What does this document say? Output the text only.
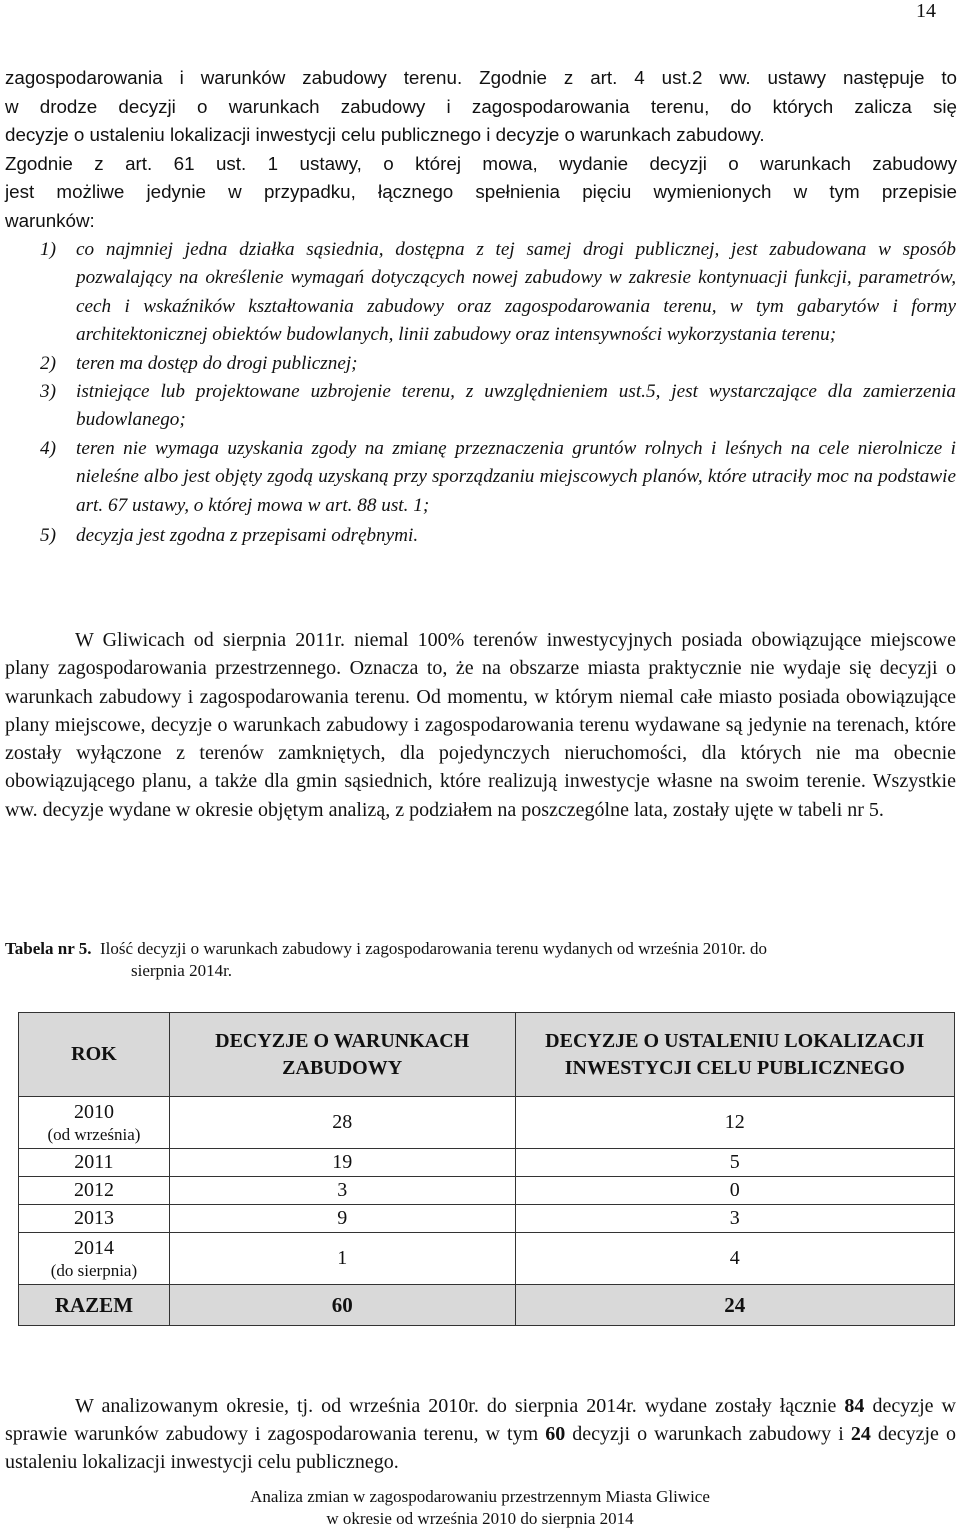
14
zagospodarowania i warunków zabudowy terenu. Zgodnie z art. 4 ust.2 ww. ustawy następuje to
w drodze decyzji o warunkach zabudowy i zagospodarowania terenu, do których zalicza się
decyzje o ustaleniu lokalizacji inwestycji celu publicznego i decyzje o warunkach zabudowy.
Zgodnie z art. 61 ust. 1 ustawy, o której mowa, wydanie decyzji o warunkach zabudowy
jest możliwe jedynie w przypadku, łącznego spełnienia pięciu wymienionych w tym przepisie
warunków:
1) co najmniej jedna działka sąsiednia, dostępna z tej samej drogi publicznej, jest zabudowana w sposób pozwalający na określenie wymagań dotyczących nowej zabudowy w zakresie kontynuacji funkcji, parametrów, cech i wskaźników kształtowania zabudowy oraz zagospodarowania terenu, w tym gabarytów i formy architektonicznej obiektów budowlanych, linii zabudowy oraz intensywności wykorzystania terenu;
2) teren ma dostęp do drogi publicznej;
3) istniejące lub projektowane uzbrojenie terenu, z uwzględnieniem ust.5, jest wystarczające dla zamierzenia budowlanego;
4) teren nie wymaga uzyskania zgody na zmianę przeznaczenia gruntów rolnych i leśnych na cele nierolnicze i nieleśne albo jest objęty zgodą uzyskaną przy sporządzaniu miejscowych planów, które utraciły moc na podstawie art. 67 ustawy, o której mowa w art. 88 ust. 1;
5) decyzja jest zgodna z przepisami odrębnymi.
W Gliwicach od sierpnia 2011r. niemal 100% terenów inwestycyjnych posiada obowiązujące miejscowe plany zagospodarowania przestrzennego. Oznacza to, że na obszarze miasta praktycznie nie wydaje się decyzji o warunkach zabudowy i zagospodarowania terenu. Od momentu, w którym niemal całe miasto posiada obowiązujące plany miejscowe, decyzje o warunkach zabudowy i zagospodarowania terenu wydawane są jedynie na terenach, które zostały wyłączone z terenów zamkniętych, dla pojedynczych nieruchomości, dla których nie ma obecnie obowiązującego planu, a także dla gmin sąsiednich, które realizują inwestycje własne na swoim terenie. Wszystkie ww. decyzje wydane w okresie objętym analizą, z podziałem na poszczególne lata, zostały ujęte w tabeli nr 5.
Tabela nr 5. Ilość decyzji o warunkach zabudowy i zagospodarowania terenu wydanych od września 2010r. do
sierpnia 2014r.
ROK	DECYZJE O WARUNKACH ZABUDOWY	DECYZJE O USTALENIU LOKALIZACJI INWESTYCJI CELU PUBLICZNEGO

2010
(od września)	28	12
2011	19	5
2012	3	0
2013	9	3

2014
(do sierpnia)	1	4
RAZEM	60	24
W analizowanym okresie, tj. od września 2010r. do sierpnia 2014r. wydane zostały łącznie 84 decyzje w sprawie warunków zabudowy i zagospodarowania terenu, w tym 60 decyzji o warunkach zabudowy i 24 decyzje o ustaleniu lokalizacji inwestycji celu publicznego.
Analiza zmian w zagospodarowaniu przestrzennym Miasta Gliwice
w okresie od września 2010 do sierpnia 2014
